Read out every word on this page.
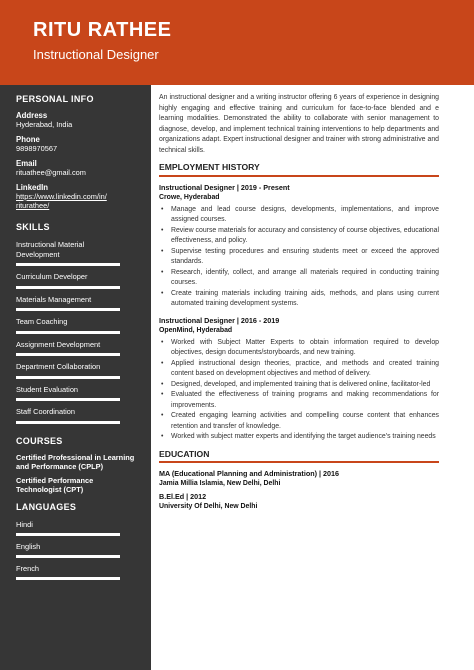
RITU RATHEE
Instructional Designer
PERSONAL INFO
Address
Hyderabad, India
Phone
9898970567
Email
rituathee@gmail.com
LinkedIn
https://www.linkedin.com/in/
riturathee/
SKILLS
Instructional Material Development
Curriculum Developer
Materials Management
Team Coaching
Assignment Development
Department Collaboration
Student Evaluation
Staff Coordination
COURSES
Certified Professional in Learning and Performance (CPLP)
Certified Performance Technologist (CPT)
LANGUAGES
Hindi
English
French

An instructional designer and a writing instructor offering 6 years of experience in designing highly engaging and effective training and curriculum for face-to-face blended and e learning modalities. Demonstrated the ability to collaborate with senior management to diagnose, develop, and implement technical training interventions to help departments and organizations adapt. Expert instructional designer and trainer with strong administrative and technical skills.

EMPLOYMENT HISTORY
Instructional Designer | 2019 - Present
Crowe, Hyderabad
• Manage and lead course designs, developments, implementations, and improve assigned courses.
• Review course materials for accuracy and consistency of course objectives, educational effectiveness, and policy.
• Supervise testing procedures and ensuring students meet or exceed the approved standards.
• Research, identify, collect, and arrange all materials required in conducting training courses.
• Create training materials including training aids, methods, and plans using current automated training development systems.
Instructional Designer | 2016 - 2019
OpenMind, Hyderabad
• Worked with Subject Matter Experts to obtain information required to develop objectives, design documents/storyboards, and new training.
• Applied instructional design theories, practice, and methods and created training content based on development objectives and method of delivery.
• Designed, developed, and implemented training that is delivered online, facilitator-led
• Evaluated the effectiveness of training programs and making recommendations for improvements.
• Created engaging learning activities and compelling course content that enhances retention and transfer of knowledge.
• Worked with subject matter experts and identifying the target audience's training needs
EDUCATION
MA (Educational Planning and Administration) | 2016
Jamia Millia Islamia, New Delhi, Delhi
B.El.Ed | 2012
University Of Delhi, New Delhi
